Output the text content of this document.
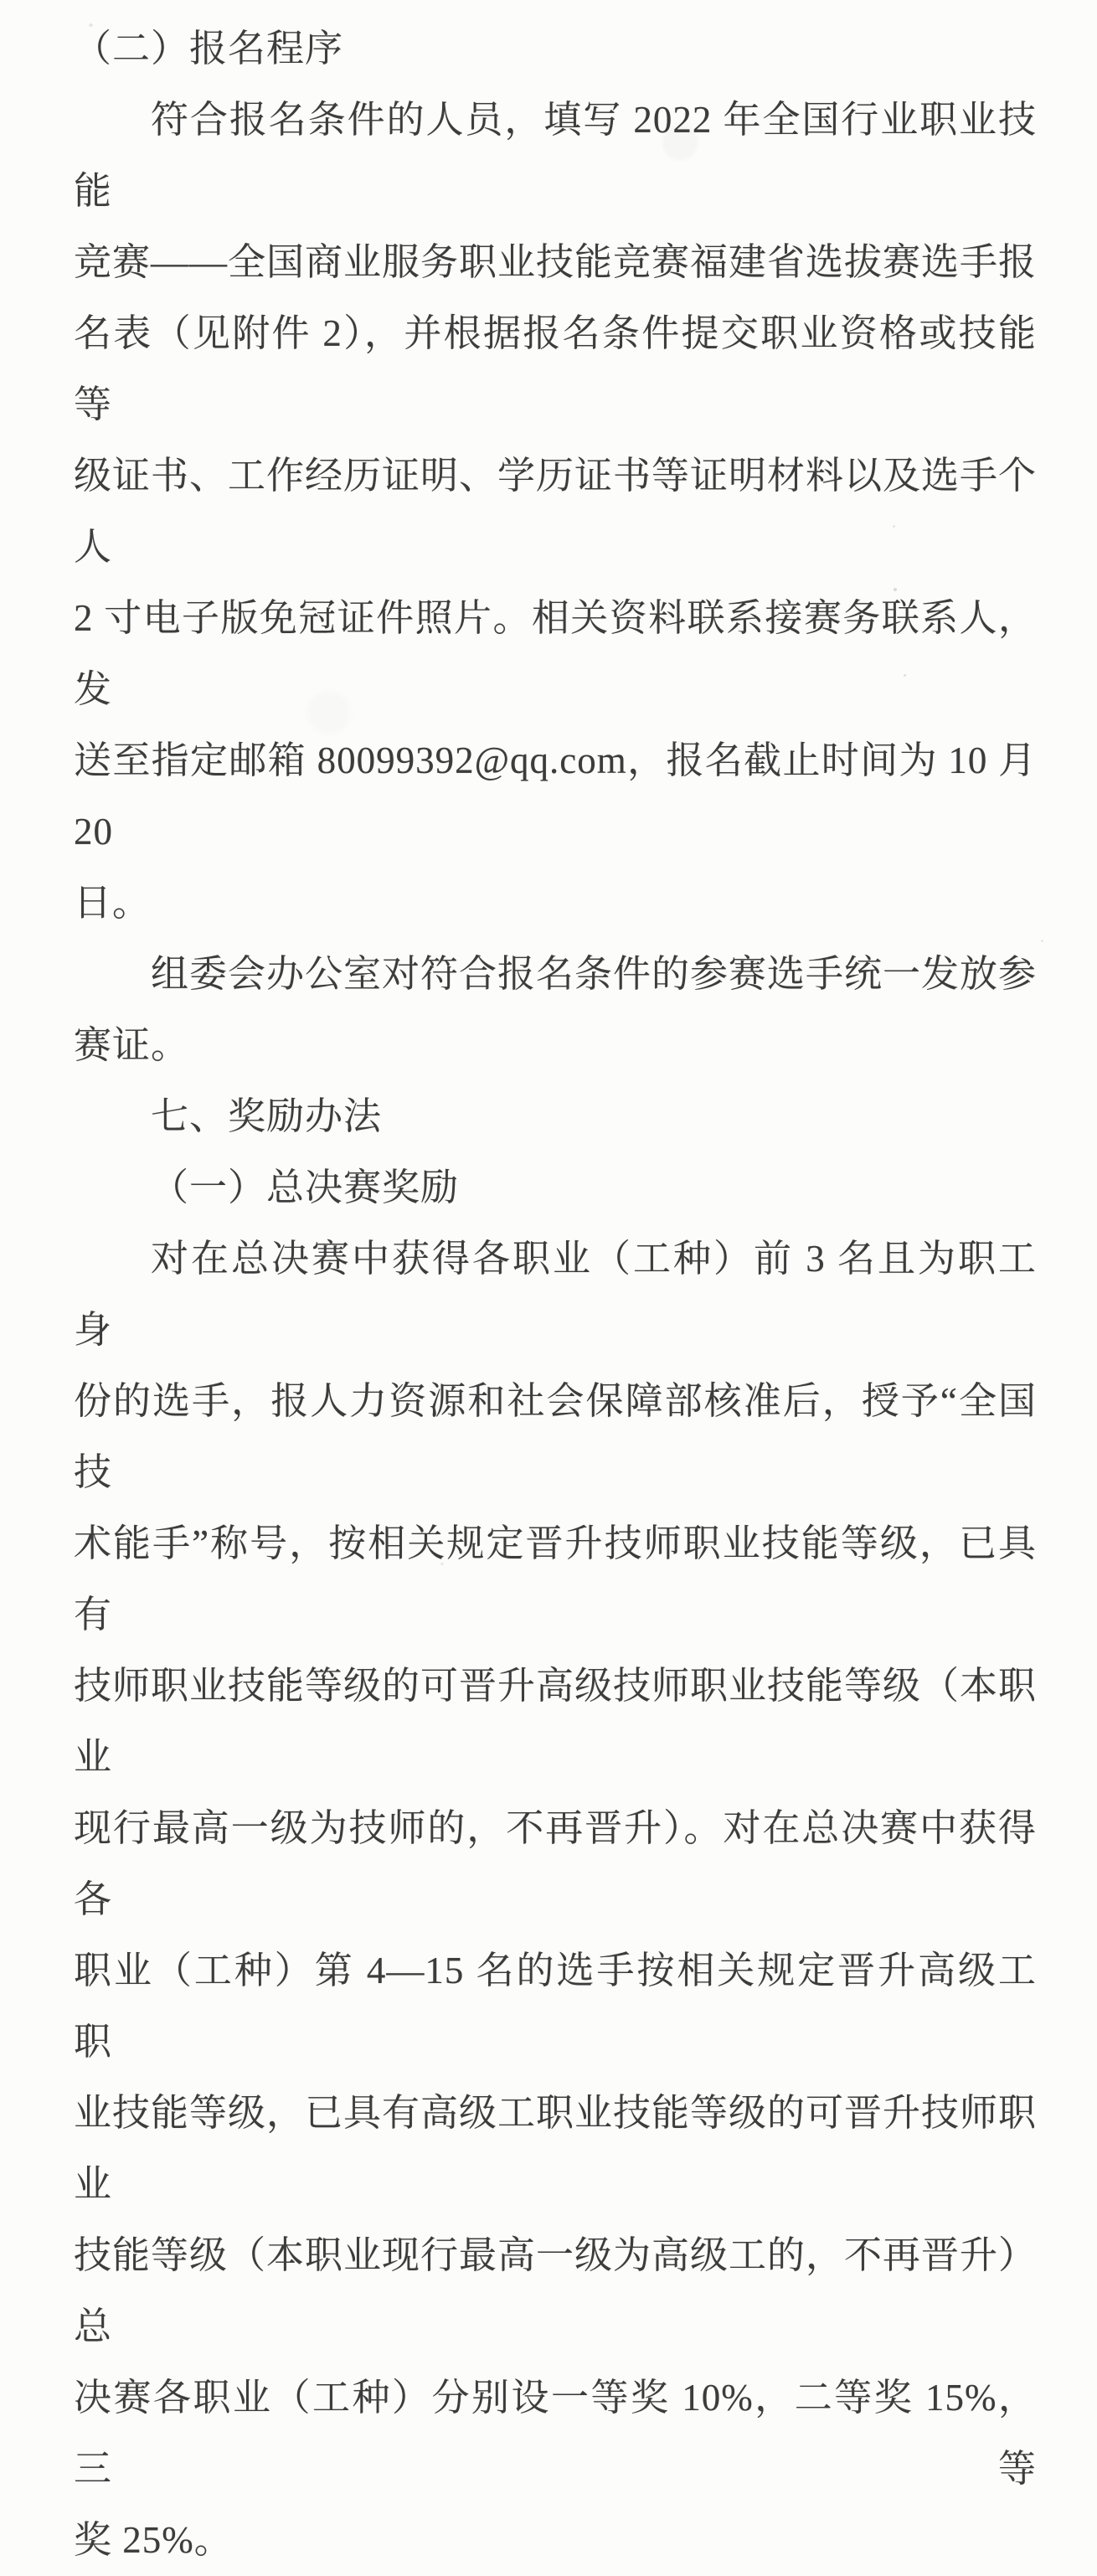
（二）报名程序
符合报名条件的人员，填写 2022 年全国行业职业技能
竞赛——全国商业服务职业技能竞赛福建省选拔赛选手报
名表（见附件 2），并根据报名条件提交职业资格或技能等
级证书、工作经历证明、学历证书等证明材料以及选手个人
2 寸电子版免冠证件照片。相关资料联系接赛务联系人，发
送至指定邮箱 80099392@qq.com，报名截止时间为 10 月 20
日。
组委会办公室对符合报名条件的参赛选手统一发放参
赛证。
七、奖励办法
（一）总决赛奖励
对在总决赛中获得各职业（工种）前 3 名且为职工身
份的选手，报人力资源和社会保障部核准后，授予“全国技
术能手”称号，按相关规定晋升技师职业技能等级，已具有
技师职业技能等级的可晋升高级技师职业技能等级（本职业
现行最高一级为技师的，不再晋升）。对在总决赛中获得各
职业（工种）第 4—15 名的选手按相关规定晋升高级工职
业技能等级，已具有高级工职业技能等级的可晋升技师职业
技能等级（本职业现行最高一级为高级工的，不再晋升）总
决赛各职业（工种）分别设一等奖 10%，二等奖 15%，三等
奖 25%。
